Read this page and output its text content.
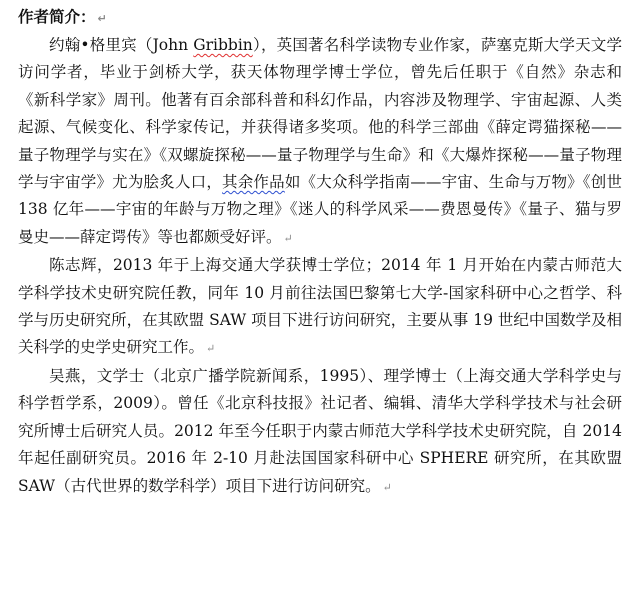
作者简介： ↵

约翰•格里宾（John Gribbin），英国著名科学读物专业作家，萨塞克斯大学天文学访问学者，毕业于剑桥大学，获天体物理学博士学位，曾先后任职于《自然》杂志和《新科学家》周刊。他著有百余部科普和科幻作品，内容涉及物理学、宇宙起源、人类起源、气候变化、科学家传记，并获得诸多奖项。他的科学三部曲《薛定谔猫探秘——量子物理学与实在》《双螺旋探秘——量子物理学与生命》和《大爆炸探秘——量子物理学与宇宙学》尤为脍炙人口，其余作品如《大众科学指南——宇宙、生命与万物》《创世 138 亿年——宇宙的年龄与万物之理》《迷人的科学风采——费恩曼传》《量子、猫与罗曼史——薛定谔传》等也都颇受好评。 ↵

陈志辉，2013 年于上海交通大学获博士学位；2014 年 1 月开始在内蒙古师范大学科学技术史研究院任教，同年 10 月前往法国巴黎第七大学-国家科研中心之哲学、科学与历史研究所，在其欧盟 SAW 项目下进行访问研究，主要从事 19 世纪中国数学及相关科学的史学史研究工作。 ↵

吴燕，文学士（北京广播学院新闻系，1995）、理学博士（上海交通大学科学史与科学哲学系，2009）。曾任《北京科技报》社记者、编辑、清华大学科学技术与社会研究所博士后研究人员。2012 年至今任职于内蒙古师范大学科学技术史研究院，自 2014 年起任副研究员。2016 年 2-10 月赴法国国家科研中心 SPHERE 研究所，在其欧盟 SAW（古代世界的数学科学）项目下进行访问研究。 ↵
